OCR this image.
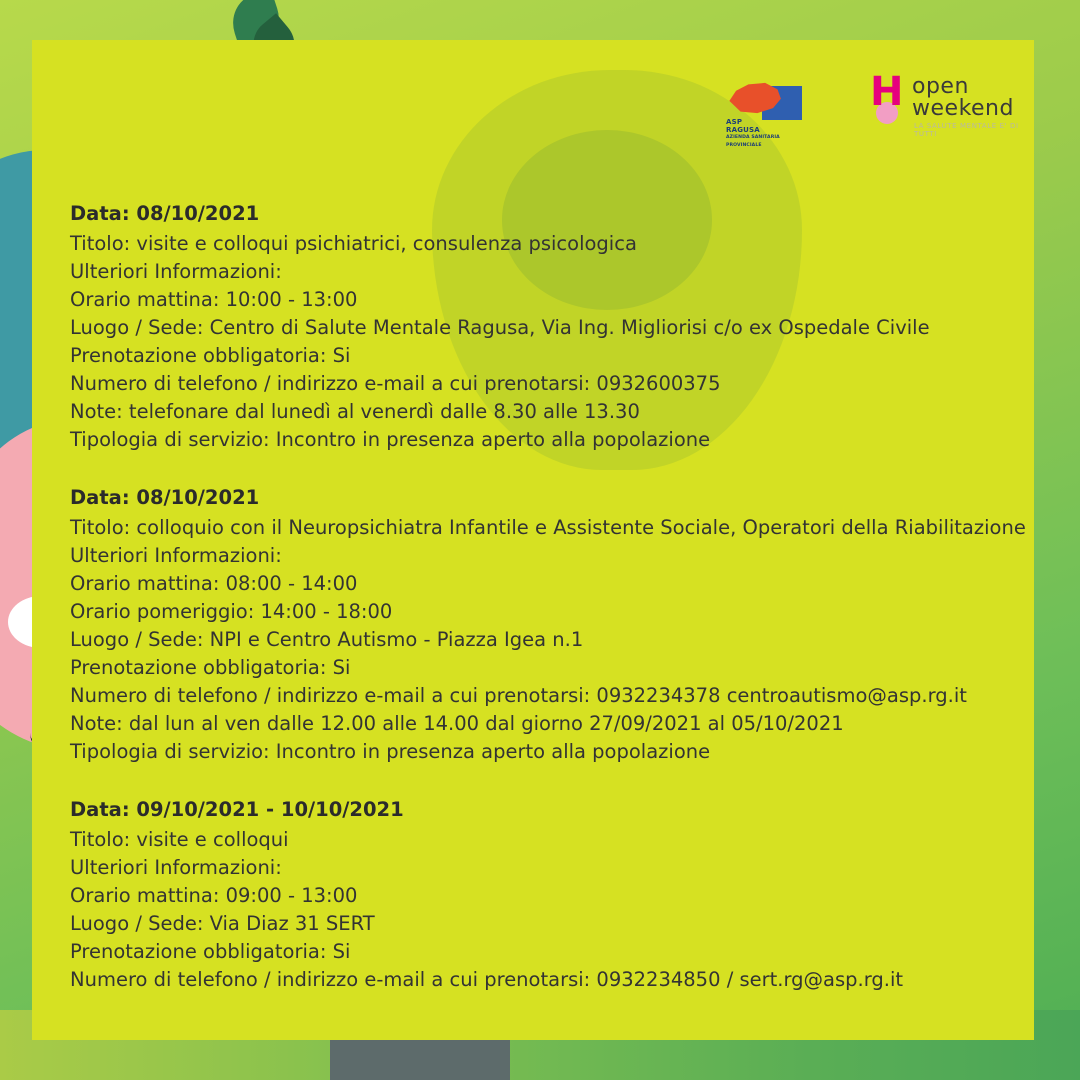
ASP
RAGUSA
AZIENDA SANITARIA PROVINCIALE
H open
weekend
LA SALUTE MENTALE E' DI TUTTI
Data: 08/10/2021
Titolo: visite e colloqui psichiatrici, consulenza psicologica
Ulteriori Informazioni:
Orario mattina: 10:00 - 13:00
Luogo / Sede: Centro di Salute Mentale Ragusa, Via Ing. Migliorisi c/o ex Ospedale Civile
Prenotazione obbligatoria: Si
Numero di telefono / indirizzo e-mail a cui prenotarsi: 0932600375
Note: telefonare dal lunedì al venerdì dalle 8.30 alle 13.30
Tipologia di servizio: Incontro in presenza aperto alla popolazione
Data: 08/10/2021
Titolo: colloquio con il Neuropsichiatra Infantile e Assistente Sociale, Operatori della Riabilitazione
Ulteriori Informazioni:
Orario mattina: 08:00 - 14:00
Orario pomeriggio: 14:00 - 18:00
Luogo / Sede: NPI e Centro Autismo - Piazza Igea n.1
Prenotazione obbligatoria: Si
Numero di telefono / indirizzo e-mail a cui prenotarsi: 0932234378 centroautismo@asp.rg.it
Note: dal lun al ven dalle 12.00 alle 14.00 dal giorno 27/09/2021 al 05/10/2021
Tipologia di servizio: Incontro in presenza aperto alla popolazione
Data: 09/10/2021 - 10/10/2021
Titolo: visite e colloqui
Ulteriori Informazioni:
Orario mattina: 09:00 - 13:00
Luogo / Sede: Via Diaz 31 SERT
Prenotazione obbligatoria: Si
Numero di telefono / indirizzo e-mail a cui prenotarsi: 0932234850 / sert.rg@asp.rg.it
